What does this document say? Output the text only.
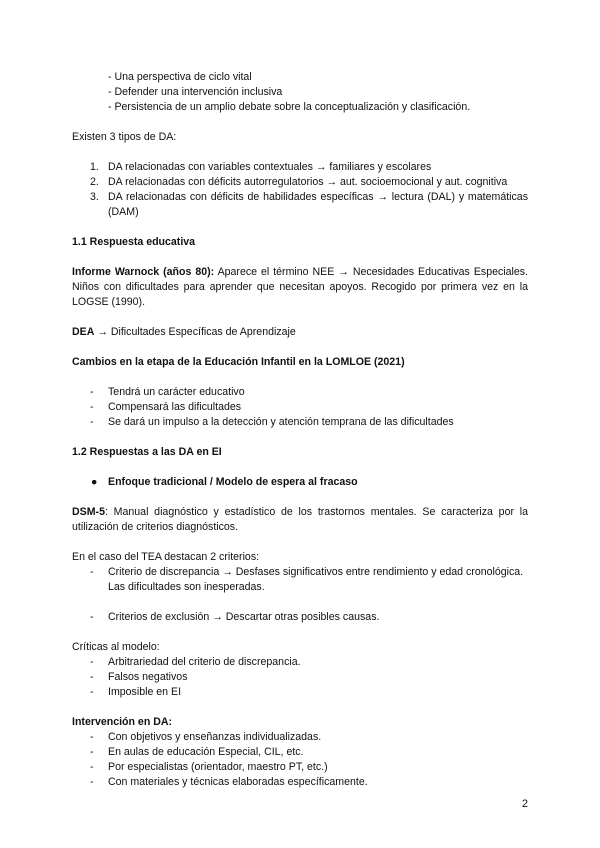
- Una perspectiva de ciclo vital
- Defender una intervención inclusiva
- Persistencia de un amplio debate sobre la conceptualización y clasificación.

Existen 3 tipos de DA:

1. DA relacionadas con variables contextuales → familiares y escolares
2. DA relacionadas con déficits autorregulatorios → aut. socioemocional y aut. cognitiva
3. DA relacionadas con déficits de habilidades específicas → lectura (DAL) y matemáticas (DAM)

1.1 Respuesta educativa

Informe Warnock (años 80): Aparece el término NEE → Necesidades Educativas Especiales. Niños con dificultades para aprender que necesitan apoyos. Recogido por primera vez en la LOGSE (1990).

DEA → Dificultades Específicas de Aprendizaje

Cambios en la etapa de la Educación Infantil en la LOMLOE (2021)

- Tendrá un carácter educativo
- Compensará las dificultades
- Se dará un impulso a la detección y atención temprana de las dificultades

1.2 Respuestas a las DA en EI

● Enfoque tradicional / Modelo de espera al fracaso

DSM-5: Manual diagnóstico y estadístico de los trastornos mentales. Se caracteriza por la utilización de criterios diagnósticos.

En el caso del TEA destacan 2 criterios:

- Criterio de discrepancia → Desfases significativos entre rendimiento y edad cronológica. Las dificultades son inesperadas.
- Criterios de exclusión → Descartar otras posibles causas.

Críticas al modelo:

- Arbitrariedad del criterio de discrepancia.
- Falsos negativos
- Imposible en EI

Intervención en DA:

- Con objetivos y enseñanzas individualizadas.
- En aulas de educación Especial, CIL, etc.
- Por especialistas (orientador, maestro PT, etc.)
- Con materiales y técnicas elaboradas específicamente.
2
